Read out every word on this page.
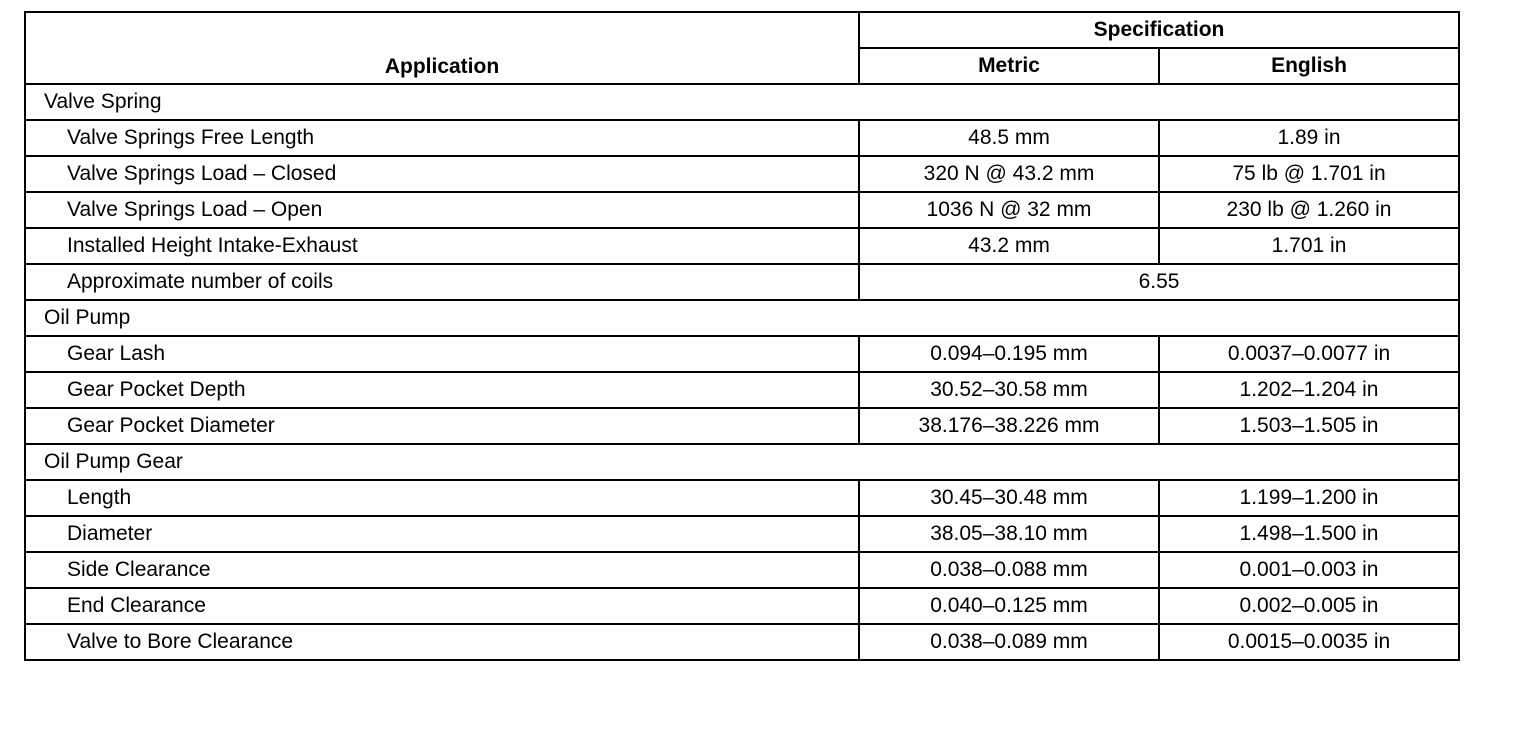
Application	Specification	
	Metric	English
Valve Spring		
Valve Springs Free Length	48.5 mm	1.89 in
Valve Springs Load – Closed	320 N @ 43.2 mm	75 lb @ 1.701 in
Valve Springs Load – Open	1036 N @ 32 mm	230 lb @ 1.260 in
Installed Height Intake-Exhaust	43.2 mm	1.701 in
Approximate number of coils	6.55	
Oil Pump		
Gear Lash	0.094–0.195 mm	0.0037–0.0077 in
Gear Pocket Depth	30.52–30.58 mm	1.202–1.204 in
Gear Pocket Diameter	38.176–38.226 mm	1.503–1.505 in
Oil Pump Gear		
Length	30.45–30.48 mm	1.199–1.200 in
Diameter	38.05–38.10 mm	1.498–1.500 in
Side Clearance	0.038–0.088 mm	0.001–0.003 in
End Clearance	0.040–0.125 mm	0.002–0.005 in
Valve to Bore Clearance	0.038–0.089 mm	0.0015–0.0035 in
